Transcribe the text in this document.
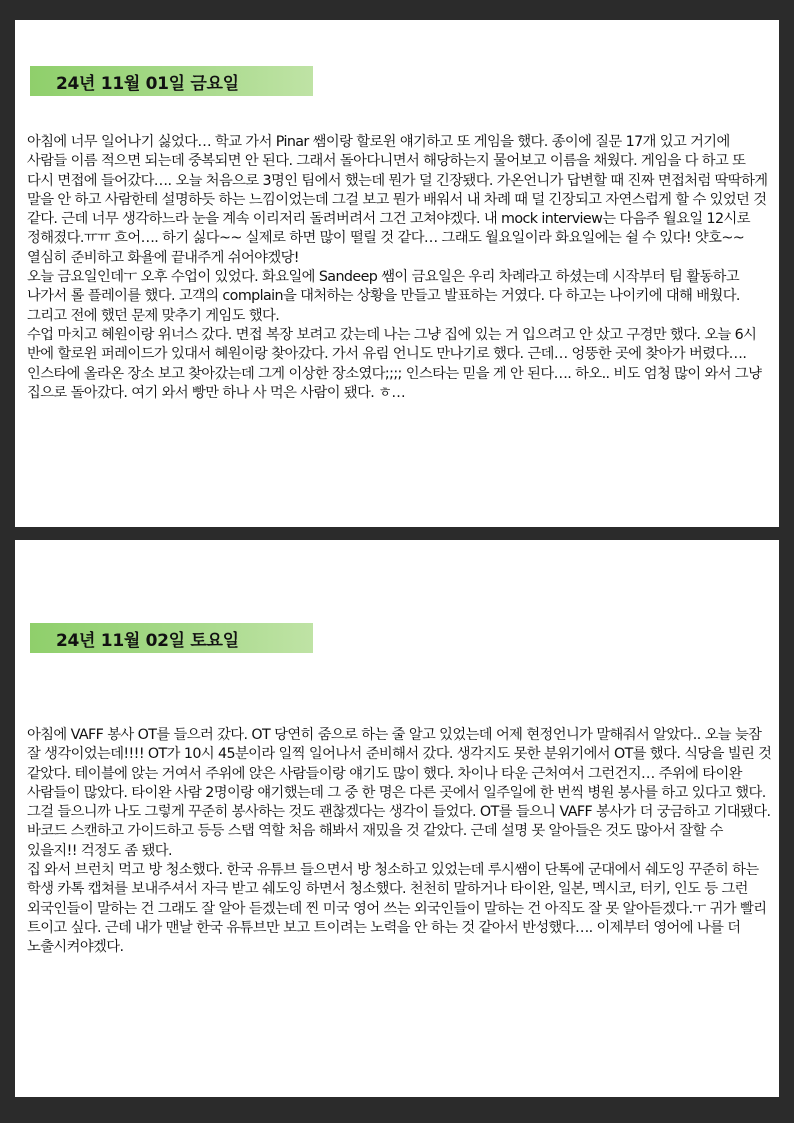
24년 11월 01일 금요일

아침에 너무 일어나기 싫었다… 학교 가서 Pinar 쌤이랑 할로윈 얘기하고 또 게임을 했다. 종이에 질문 17개 있고 거기에 사람들 이름 적으면 되는데 중복되면 안 된다. 그래서 돌아다니면서 해당하는지 물어보고 이름을 채웠다. 게임을 다 하고 또 다시 면접에 들어갔다…. 오늘 처음으로 3명인 팀에서 했는데 뭔가 덜 긴장됐다. 가온언니가 답변할 때 진짜 면접처럼 딱딱하게 말을 안 하고 사람한테 설명하듯 하는 느낌이었는데 그걸 보고 뭔가 배워서 내 차례 때 덜 긴장되고 자연스럽게 할 수 있었던 것 같다. 근데 너무 생각하느라 눈을 계속 이리저리 돌려버려서 그건 고쳐야겠다. 내 mock interview는 다음주 월요일 12시로 정해졌다.ㅠㅠ 흐어…. 하기 싫다~~ 실제로 하면 많이 떨릴 것 같다… 그래도 월요일이라 화요일에는 쉴 수 있다! 얏호~~ 열심히 준비하고 화욜에 끝내주게 쉬어야겠당!

오늘 금요일인데ㅜ 오후 수업이 있었다. 화요일에 Sandeep 쌤이 금요일은 우리 차례라고 하셨는데 시작부터 팀 활동하고 나가서 롤 플레이를 했다. 고객의 complain을 대처하는 상황을 만들고 발표하는 거였다. 다 하고는 나이키에 대해 배웠다. 그리고 전에 했던 문제 맞추기 게임도 했다.

수업 마치고 혜원이랑 위너스 갔다. 면접 복장 보려고 갔는데 나는 그냥 집에 있는 거 입으려고 안 샀고 구경만 했다. 오늘 6시 반에 할로윈 퍼레이드가 있대서 혜원이랑 찾아갔다. 가서 유림 언니도 만나기로 했다. 근데… 엉뚱한 곳에 찾아가 버렸다…. 인스타에 올라온 장소 보고 찾아갔는데 그게 이상한 장소였다;;;; 인스타는 믿을 게 안 된다…. 하오.. 비도 엄청 많이 와서 그냥 집으로 돌아갔다. 여기 와서 빵만 하나 사 먹은 사람이 됐다. ㅎ…

24년 11월 02일 토요일

아침에 VAFF 봉사 OT를 들으러 갔다. OT 당연히 줌으로 하는 줄 알고 있었는데 어제 현정언니가 말해줘서 알았다.. 오늘 늦잠 잘 생각이었는데!!!! OT가 10시 45분이라 일찍 일어나서 준비해서 갔다. 생각지도 못한 분위기에서 OT를 했다. 식당을 빌린 것 같았다. 테이블에 앉는 거여서 주위에 앉은 사람들이랑 얘기도 많이 했다. 차이나 타운 근처여서 그런건지… 주위에 타이완 사람들이 많았다. 타이완 사람 2명이랑 얘기했는데 그 중 한 명은 다른 곳에서 일주일에 한 번씩 병원 봉사를 하고 있다고 했다. 그걸 들으니까 나도 그렇게 꾸준히 봉사하는 것도 괜찮겠다는 생각이 들었다. OT를 들으니 VAFF 봉사가 더 궁금하고 기대됐다. 바코드 스캔하고 가이드하고 등등 스탭 역할 처음 해봐서 재밌을 것 같았다. 근데 설명 못 알아들은 것도 많아서 잘할 수 있을지!! 걱정도 좀 됐다.

집 와서 브런치 먹고 방 청소했다. 한국 유튜브 들으면서 방 청소하고 있었는데 루시쌤이 단톡에 군대에서 쉐도잉 꾸준히 하는 학생 카톡 캡쳐를 보내주셔서 자극 받고 쉐도잉 하면서 청소했다. 천천히 말하거나 타이완, 일본, 멕시코, 터키, 인도 등 그런 외국인들이 말하는 건 그래도 잘 알아 듣겠는데 찐 미국 영어 쓰는 외국인들이 말하는 건 아직도 잘 못 알아듣겠다.ㅜ 귀가 빨리 트이고 싶다. 근데 내가 맨날 한국 유튜브만 보고 트이려는 노력을 안 하는 것 같아서 반성했다…. 이제부터 영어에 나를 더 노출시켜야겠다.
